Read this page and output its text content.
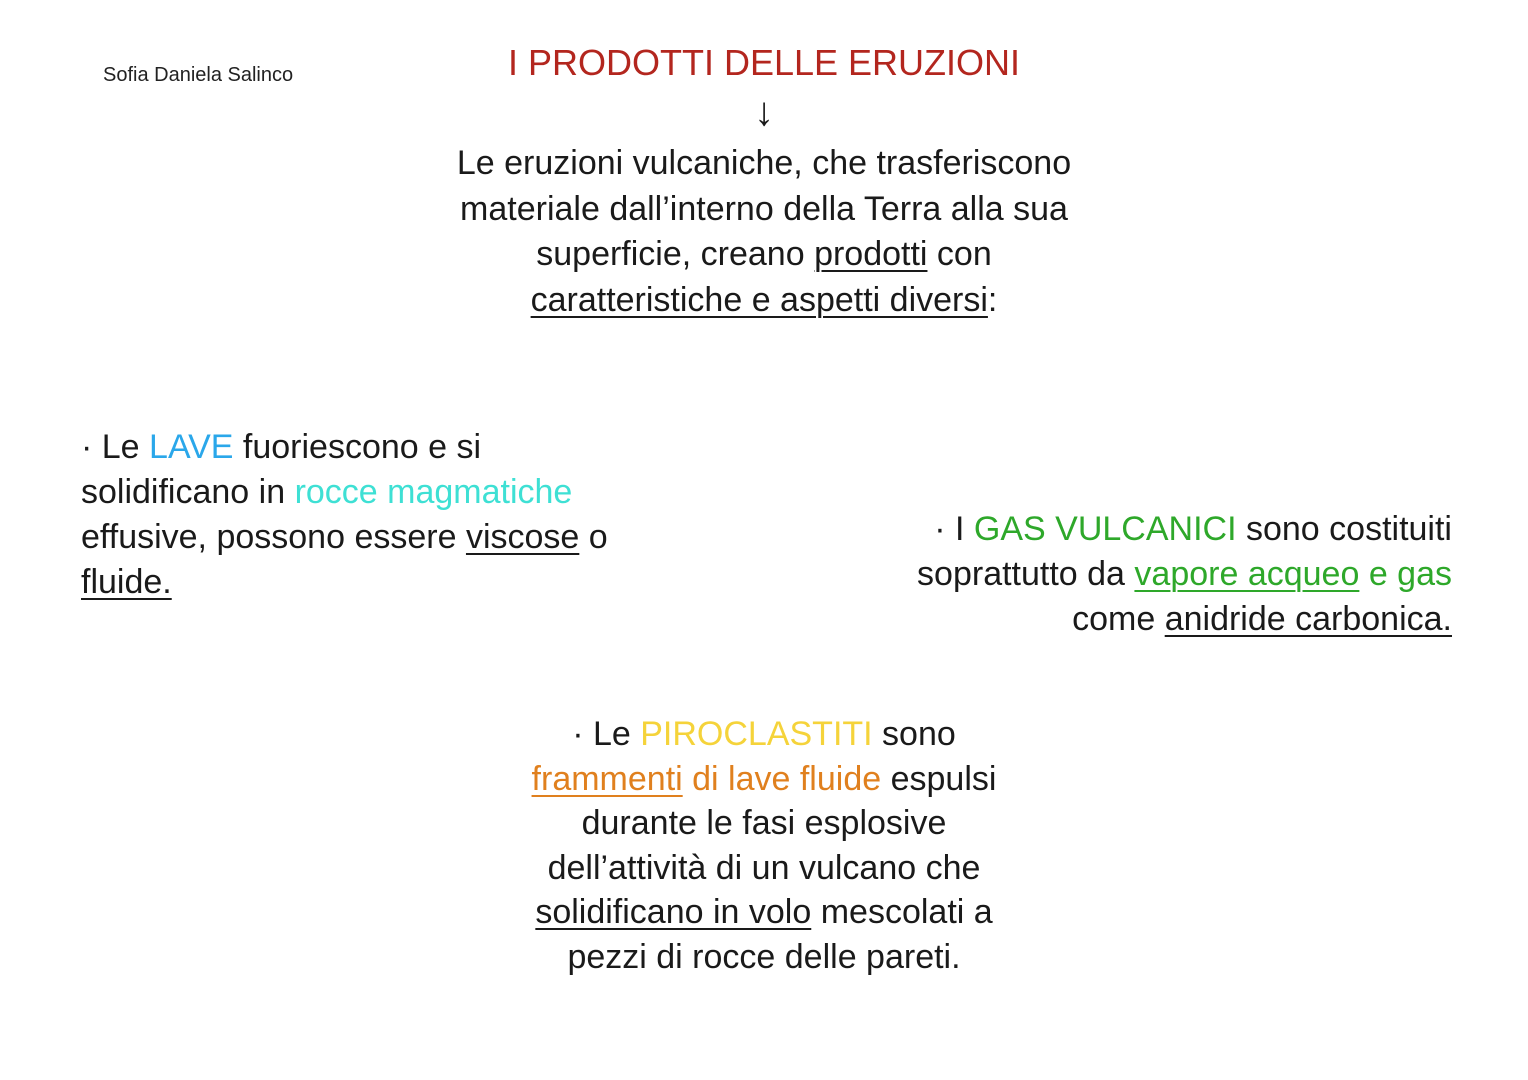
Sofia Daniela Salinco	I PRODOTTI DELLE ERUZIONI
↓
Le eruzioni vulcaniche, che trasferiscono
materiale dall’interno della Terra alla sua
superficie, creano prodotti con
caratteristiche e aspetti diversi:
· Le LAVE fuoriescono e si
solidificano in rocce magmatiche
effusive, possono essere viscose o
fluide.
· I GAS VULCANICI sono costituiti
soprattutto da vapore acqueo e gas
come anidride carbonica.
· Le PIROCLASTITI sono
frammenti di lave fluide espulsi
durante le fasi esplosive
dell’attività di un vulcano che
solidificano in volo mescolati a
pezzi di rocce delle pareti.
